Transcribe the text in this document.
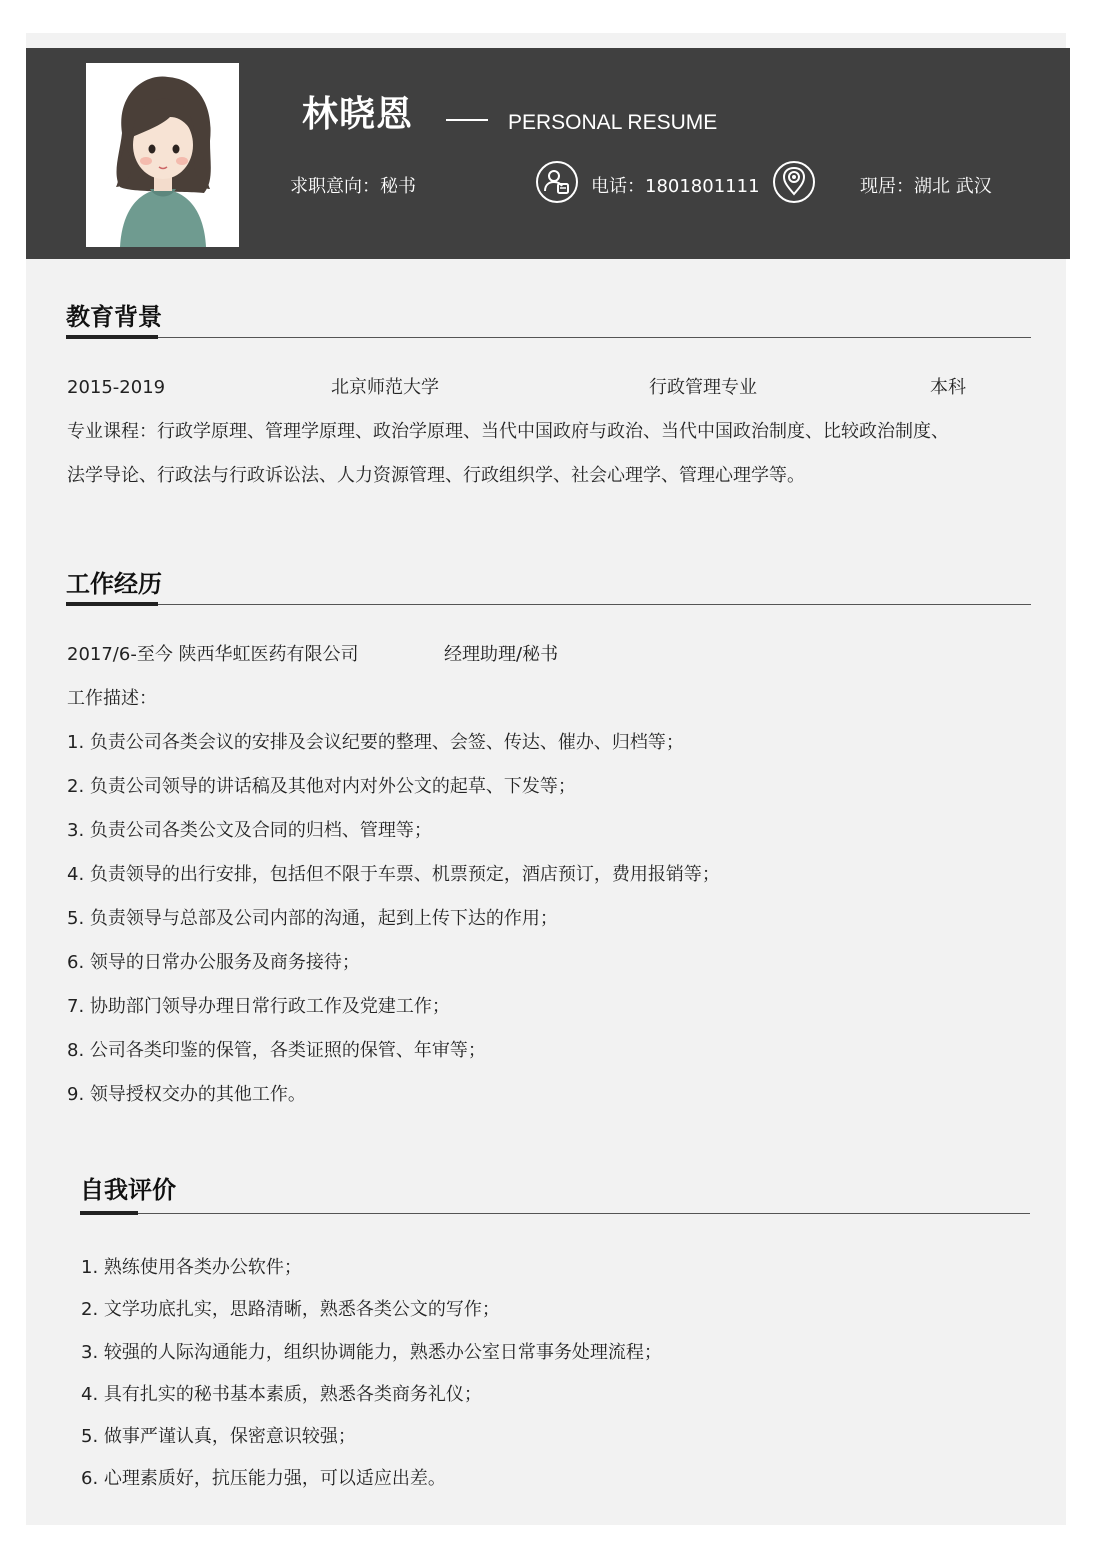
林晓恩	PERSONAL RESUME
求职意向：秘书	电话：1801801111	现居：湖北 武汉
教育背景
2015-2019	北京师范大学	行政管理专业	本科
专业课程：行政学原理、管理学原理、政治学原理、当代中国政府与政治、当代中国政治制度、比较政治制度、
法学导论、行政法与行政诉讼法、人力资源管理、行政组织学、社会心理学、管理心理学等。
工作经历
2017/6-至今 陕西华虹医药有限公司	经理助理/秘书
工作描述：
1. 负责公司各类会议的安排及会议纪要的整理、会签、传达、催办、归档等；
2. 负责公司领导的讲话稿及其他对内对外公文的起草、下发等；
3. 负责公司各类公文及合同的归档、管理等；
4. 负责领导的出行安排，包括但不限于车票、机票预定，酒店预订，费用报销等；
5. 负责领导与总部及公司内部的沟通，起到上传下达的作用；
6. 领导的日常办公服务及商务接待；
7. 协助部门领导办理日常行政工作及党建工作；
8. 公司各类印鉴的保管，各类证照的保管、年审等；
9. 领导授权交办的其他工作。
自我评价
1. 熟练使用各类办公软件；
2. 文学功底扎实，思路清晰，熟悉各类公文的写作；
3. 较强的人际沟通能力，组织协调能力，熟悉办公室日常事务处理流程；
4. 具有扎实的秘书基本素质，熟悉各类商务礼仪；
5. 做事严谨认真，保密意识较强；
6. 心理素质好，抗压能力强，可以适应出差。
